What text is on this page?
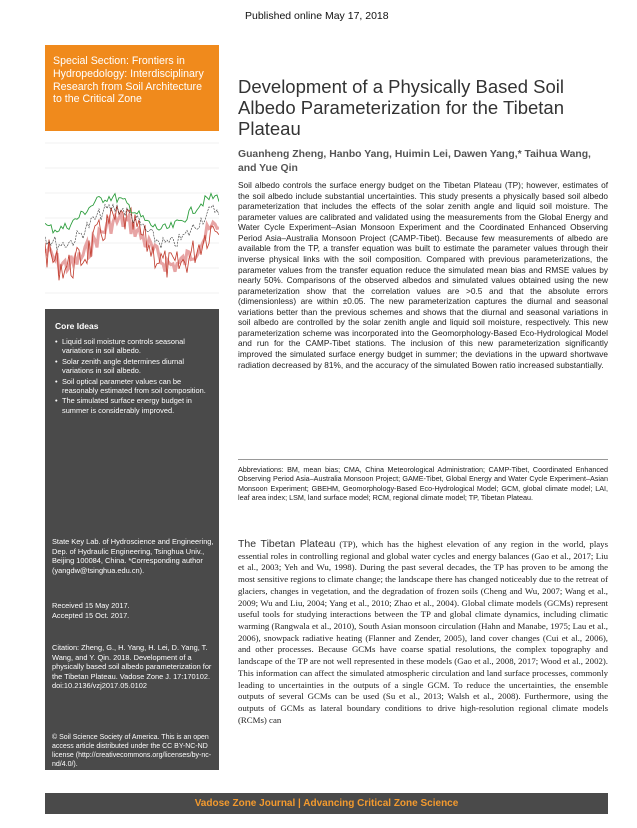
Published online May 17, 2018
Special Section: Frontiers in Hydropedology: Interdisciplinary Research from Soil Architecture to the Critical Zone
Core Ideas
• Liquid soil moisture controls seasonal variations in soil albedo.
• Solar zenith angle determines diurnal variations in soil albedo.
• Soil optical parameter values can be reasonably estimated from soil composition.
• The simulated surface energy budget in summer is considerably improved.
State Key Lab. of Hydroscience and Engineering, Dep. of Hydraulic Engineering, Tsinghua Univ., Beijing 100084, China. *Corresponding author (yangdw@tsinghua.edu.cn).
Received 15 May 2017.
Accepted 15 Oct. 2017.
Citation: Zheng, G., H. Yang, H. Lei, D. Yang, T. Wang, and Y. Qin. 2018. Development of a physically based soil albedo parameterization for the Tibetan Plateau. Vadose Zone J. 17:170102. doi:10.2136/vzj2017.05.0102
© Soil Science Society of America. This is an open access article distributed under the CC BY-NC-ND license (http://creativecommons.org/licenses/by-nc-nd/4.0/).
Development of a Physically Based Soil Albedo Parameterization for the Tibetan Plateau
Guanheng Zheng, Hanbo Yang, Huimin Lei, Dawen Yang,* Taihua Wang, and Yue Qin
Soil albedo controls the surface energy budget on the Tibetan Plateau (TP); however, estimates of the soil albedo include substantial uncertainties. This study presents a physically based soil albedo parameterization that includes the effects of the solar zenith angle and liquid soil moisture. The parameter values are calibrated and validated using the measurements from the Global Energy and Water Cycle Experiment–Asian Monsoon Experiment and the Coordinated Enhanced Observing Period Asia–Australia Monsoon Project (CAMP-Tibet). Because few measurements of albedo are available from the TP, a transfer equation was built to estimate the parameter values through their inverse physical links with the soil composition. Compared with previous parameterizations, the parameter values from the transfer equation reduce the simulated mean bias and RMSE values by nearly 50%. Comparisons of the observed albedos and simulated values obtained using the new parameterization show that the correlation values are >0.5 and that the absolute errors (dimensionless) are within ±0.05. The new parameterization captures the diurnal and seasonal variations better than the previous schemes and shows that the diurnal and seasonal variations in soil albedo are controlled by the solar zenith angle and liquid soil moisture, respectively. This new parameterization scheme was incorporated into the Geomorphology-Based Eco-Hydrological Model and run for the CAMP-Tibet stations. The inclusion of this new parameterization significantly improved the simulated surface energy budget in summer; the deviations in the upward shortwave radiation decreased by 81%, and the accuracy of the simulated Bowen ratio increased substantially.
Abbreviations: BM, mean bias; CMA, China Meteorological Administration; CAMP-Tibet, Coordinated Enhanced Observing Period Asia–Australia Monsoon Project; GAME-Tibet, Global Energy and Water Cycle Experiment–Asian Monsoon Experiment; GBEHM, Geomorphology-Based Eco-Hydrological Model; GCM, global climate model; LAI, leaf area index; LSM, land surface model; RCM, regional climate model; TP, Tibetan Plateau.
The Tibetan Plateau (TP), which has the highest elevation of any region in the world, plays essential roles in controlling regional and global water cycles and energy balances (Gao et al., 2017; Liu et al., 2003; Yeh and Wu, 1998). During the past several decades, the TP has proven to be among the most sensitive regions to climate change; the landscape there has changed noticeably due to the retreat of glaciers, changes in vegetation, and the degradation of frozen soils (Cheng and Wu, 2007; Wang et al., 2009; Wu and Liu, 2004; Yang et al., 2010; Zhao et al., 2004). Global climate models (GCMs) represent useful tools for studying interactions between the TP and global climate dynamics, including climatic warming (Rangwala et al., 2010), South Asian monsoon circulation (Hahn and Manabe, 1975; Lau et al., 2006), snowpack radiative heating (Flanner and Zender, 2005), land cover changes (Cui et al., 2006), and other processes. Because GCMs have coarse spatial resolutions, the complex topography and landscape of the TP are not well represented in these models (Gao et al., 2008, 2017; Wood et al., 2002). This information can affect the simulated atmospheric circulation and land surface processes, commonly leading to uncertainties in the outputs of a single GCM. To reduce the uncertainties, the ensemble outputs of several GCMs can be used (Su et al., 2013; Walsh et al., 2008). Furthermore, using the outputs of GCMs as lateral boundary conditions to drive high-resolution regional climate models (RCMs) can
Vadose Zone Journal | Advancing Critical Zone Science
